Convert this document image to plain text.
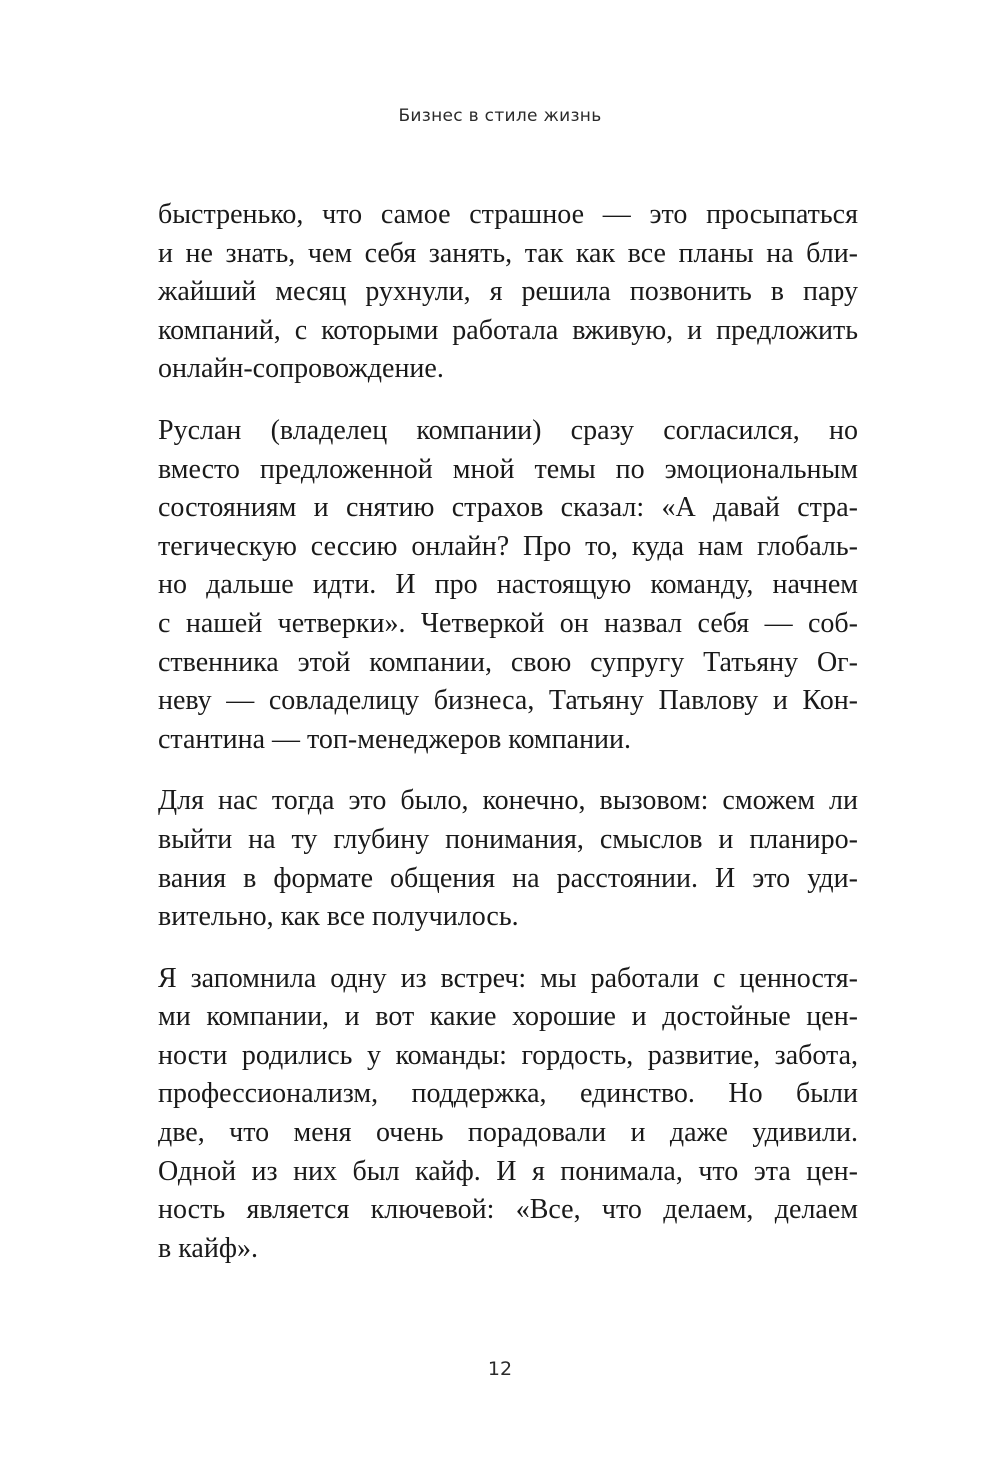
Бизнес в стиле жизнь
быстренько, что самое страшное — это просыпаться
и не знать, чем себя занять, так как все планы на бли-
жайший месяц рухнули, я решила позвонить в пару
компаний, с которыми работала вживую, и предложить
онлайн-сопровождение.
Руслан (владелец компании) сразу согласился, но
вместо предложенной мной темы по эмоциональным
состояниям и снятию страхов сказал: «А давай стра-
тегическую сессию онлайн? Про то, куда нам глобаль-
но дальше идти. И про настоящую команду, начнем
с нашей четверки». Четверкой он назвал себя — соб-
ственника этой компании, свою супругу Татьяну Ог-
неву — совладелицу бизнеса, Татьяну Павлову и Кон-
стантина — топ-менеджеров компании.
Для нас тогда это было, конечно, вызовом: сможем ли
выйти на ту глубину понимания, смыслов и планиро-
вания в формате общения на расстоянии. И это уди-
вительно, как все получилось.
Я запомнила одну из встреч: мы работали с ценностя-
ми компании, и вот какие хорошие и достойные цен-
ности родились у команды: гордость, развитие, забота,
профессионализм, поддержка, единство. Но были
две, что меня очень порадовали и даже удивили.
Одной из них был кайф. И я понимала, что эта цен-
ность является ключевой: «Все, что делаем, делаем
в кайф».
12
